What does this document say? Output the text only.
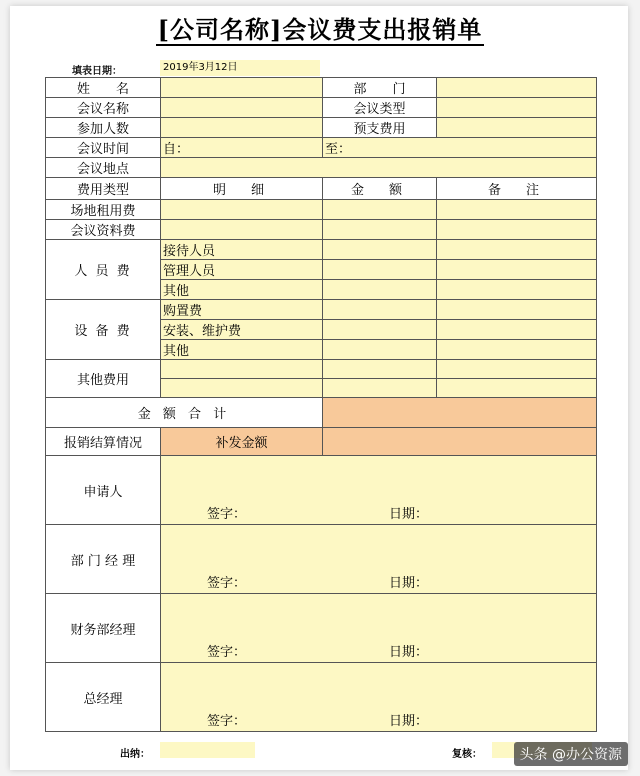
[公司名称]会议费支出报销单
填表日期：	2019年3月12日
姓　　名		部　　门	
会议名称		会议类型	
参加人数		预支费用	
会议时间	自：	至：	
会议地点			
费用类型	明　细	金　额	备　注
场地租用费			
会议资料费			
人 员 费	接待人员		
	管理人员		
	其他		
设 备 费	购置费		
	安装、维护费		
	其他		
其他费用			

金 额 合 计			
报销结算情况	补发金额		
申请人	签字： 日期：		

部 门 经 理	签字： 日期：		

财务部经理	签字： 日期：		

总经理	签字： 日期：		
出纳：	复核：	头条 @办公资源
